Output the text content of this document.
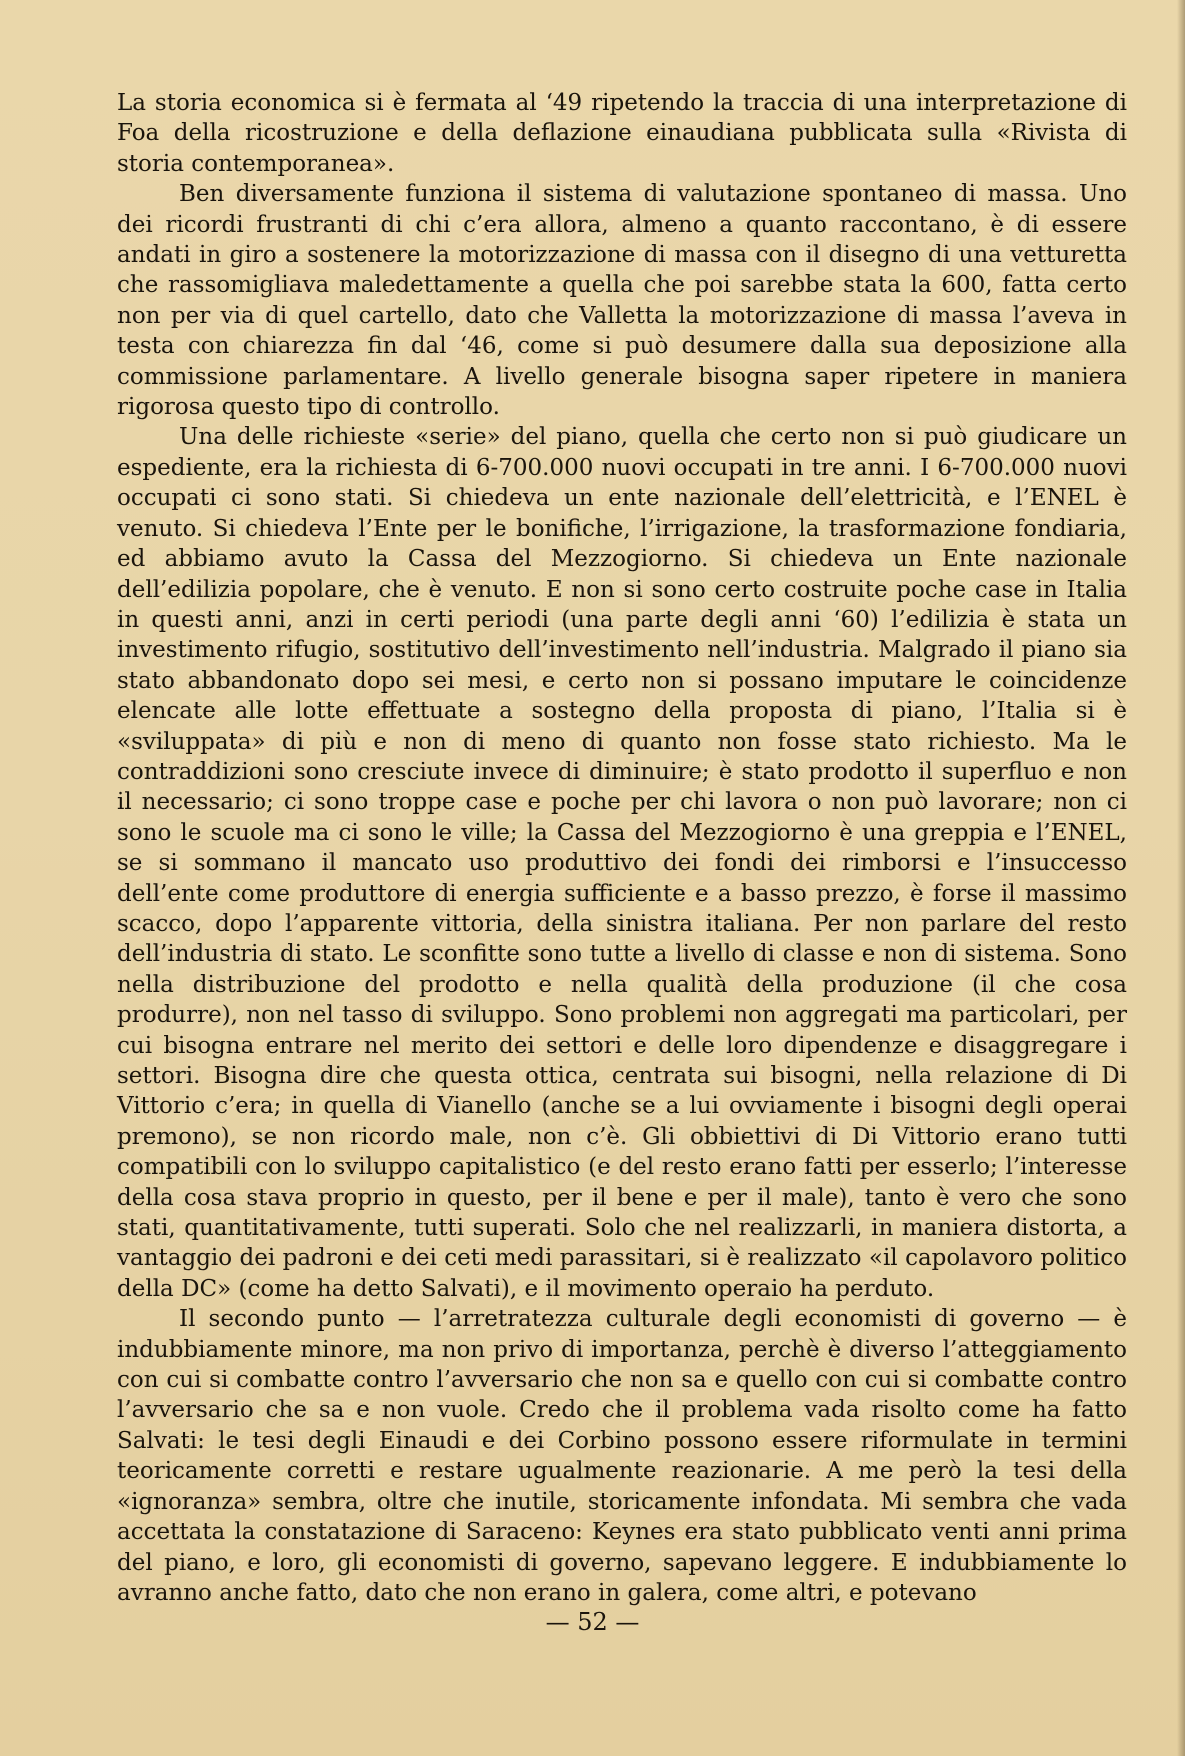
La storia economica si è fermata al ‘49 ripetendo la traccia di una interpretazione di Foa della ricostruzione e della deflazione einaudiana pubblicata sulla «Rivista di storia contemporanea».

Ben diversamente funziona il sistema di valutazione spontaneo di massa. Uno dei ricordi frustranti di chi c’era allora, almeno a quanto raccontano, è di essere andati in giro a sostenere la motorizzazione di massa con il disegno di una vetturetta che rassomigliava maledettamente a quella che poi sarebbe stata la 600, fatta certo non per via di quel cartello, dato che Valletta la motorizzazione di massa l’aveva in testa con chiarezza fin dal ‘46, come si può desumere dalla sua deposizione alla commissione parlamentare. A livello generale bisogna saper ripetere in maniera rigorosa questo tipo di controllo.

Una delle richieste «serie» del piano, quella che certo non si può giudicare un espediente, era la richiesta di 6-700.000 nuovi occupati in tre anni. I 6-700.000 nuovi occupati ci sono stati. Si chiedeva un ente nazionale dell’elettricità, e l’ENEL è venuto. Si chiedeva l’Ente per le bonifiche, l’irrigazione, la trasformazione fondiaria, ed abbiamo avuto la Cassa del Mezzogiorno. Si chiedeva un Ente nazionale dell’edilizia popolare, che è venuto. E non si sono certo costruite poche case in Italia in questi anni, anzi in certi periodi (una parte degli anni ‘60) l’edilizia è stata un investimento rifugio, sostitutivo dell’investimento nell’industria. Malgrado il piano sia stato abbandonato dopo sei mesi, e certo non si possano imputare le coincidenze elencate alle lotte effettuate a sostegno della proposta di piano, l’Italia si è «sviluppata» di più e non di meno di quanto non fosse stato richiesto. Ma le contraddizioni sono cresciute invece di diminuire; è stato prodotto il superfluo e non il necessario; ci sono troppe case e poche per chi lavora o non può lavorare; non ci sono le scuole ma ci sono le ville; la Cassa del Mezzogiorno è una greppia e l’ENEL, se si sommano il mancato uso produttivo dei fondi dei rimborsi e l’insuccesso dell’ente come produttore di energia sufficiente e a basso prezzo, è forse il massimo scacco, dopo l’apparente vittoria, della sinistra italiana. Per non parlare del resto dell’industria di stato. Le sconfitte sono tutte a livello di classe e non di sistema. Sono nella distribuzione del prodotto e nella qualità della produzione (il che cosa produrre), non nel tasso di sviluppo. Sono problemi non aggregati ma particolari, per cui bisogna entrare nel merito dei settori e delle loro dipendenze e disaggregare i settori. Bisogna dire che questa ottica, centrata sui bisogni, nella relazione di Di Vittorio c’era; in quella di Vianello (anche se a lui ovviamente i bisogni degli operai premono), se non ricordo male, non c’è. Gli obbiettivi di Di Vittorio erano tutti compatibili con lo sviluppo capitalistico (e del resto erano fatti per esserlo; l’interesse della cosa stava proprio in questo, per il bene e per il male), tanto è vero che sono stati, quantitativamente, tutti superati. Solo che nel realizzarli, in maniera distorta, a vantaggio dei padroni e dei ceti medi parassitari, si è realizzato «il capolavoro politico della DC» (come ha detto Salvati), e il movimento operaio ha perduto.

Il secondo punto — l’arretratezza culturale degli economisti di governo — è indubbiamente minore, ma non privo di importanza, perchè è diverso l’atteggiamento con cui si combatte contro l’avversario che non sa e quello con cui si combatte contro l’avversario che sa e non vuole. Credo che il problema vada risolto come ha fatto Salvati: le tesi degli Einaudi e dei Corbino possono essere riformulate in termini teoricamente corretti e restare ugualmente reazionarie. A me però la tesi della «ignoranza» sembra, oltre che inutile, storicamente infondata. Mi sembra che vada accettata la constatazione di Saraceno: Keynes era stato pubblicato venti anni prima del piano, e loro, gli economisti di governo, sapevano leggere. E indubbiamente lo avranno anche fatto, dato che non erano in galera, come altri, e potevano

— 52 —
